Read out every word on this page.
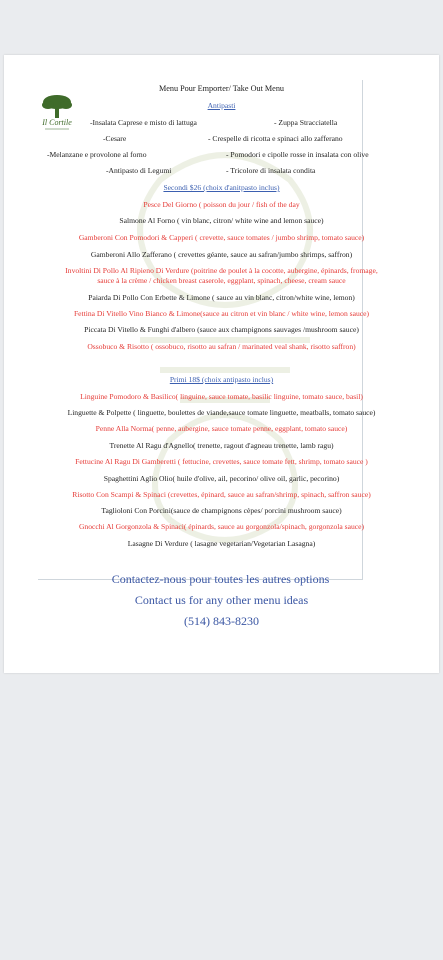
Il Cortile
Menu Pour Emporter/ Take Out Menu
Antipasti
-Insalata Caprese e misto di lattuga	- Zuppa Stracciatella
-Cesare	- Crespelle di ricotta e spinaci allo zafferano
-Melanzane e provolone al forno	- Pomodori e cipolle rosse in insalata con olive
-Antipasto di Legumi	- Tricolore di insalata condita
Secondi $26 (choix d'anitpasto inclus)
Pesce Del Giorno ( poisson du jour / fish of the day
Salmone Al Forno ( vin blanc, citron/ white wine and lemon sauce)
Gamberoni Con Pomodori & Capperi ( crevette, sauce tomates / jumbo shrimp, tomato sauce)
Gamberoni Allo Zafferano ( crevettes géante, sauce au safran/jumbo shrimps, saffron)
Involtini Di Pollo Al Ripieno Di Verdure (poitrine de poulet à la cocotte, aubergine, épinards, fromage,
sauce à la crème / chicken breast caserole, eggplant, spinach, cheese, cream sauce
Paiarda Di Pollo Con Erbette & Limone ( sauce au vin blanc, citron/white wine, lemon)
Fettina Di Vitello Vino Bianco & Limone(sauce au citron et vin blanc / white wine, lemon sauce)
Piccata Di Vitello & Funghi d'albero (sauce aux champignons sauvages /mushroom sauce)
Ossobuco & Risotto ( ossobuco, risotto au safran / marinated veal shank, risotto saffron)
Primi 18$ (choix antipasto inclus)
Linguine Pomodoro & Basilico( linguine, sauce tomate, basilic linguine, tomato sauce, basil)
Linguette & Polpette ( linguette, boulettes de viande,sauce tomate linguette, meatballs, tomato sauce)
Penne Alla Norma( penne, aubergine, sauce tomate penne, eggplant, tomato sauce)
Trenette Al Ragu d'Agnello( trenette, ragout d'agneau trenette, lamb ragu)
Fettucine Al Ragu Di Gamberetti ( fettucine, crevettes, sauce tomate fett, shrimp, tomato sauce )
Spaghettini Aglio Olio( huile d'olive, ail, pecorino/ olive oil, garlic, pecorino)
Risotto Con Scampi & Spinaci (crevettes, épinard, sauce au safran/shrimp, spinach, saffron sauce)
Taglioloni Con Porcini(sauce de champignons cèpes/ porcini mushroom sauce)
Gnocchi Al Gorgonzola & Spinaci( épinards, sauce au gorgonzola/spinach, gorgonzola sauce)
Lasagne Di Verdure ( lasagne vegetarian/Vegetarian Lasagna)
Contactez-nous pour toutes les autres options
Contact us for any other menu ideas
(514) 843-8230
